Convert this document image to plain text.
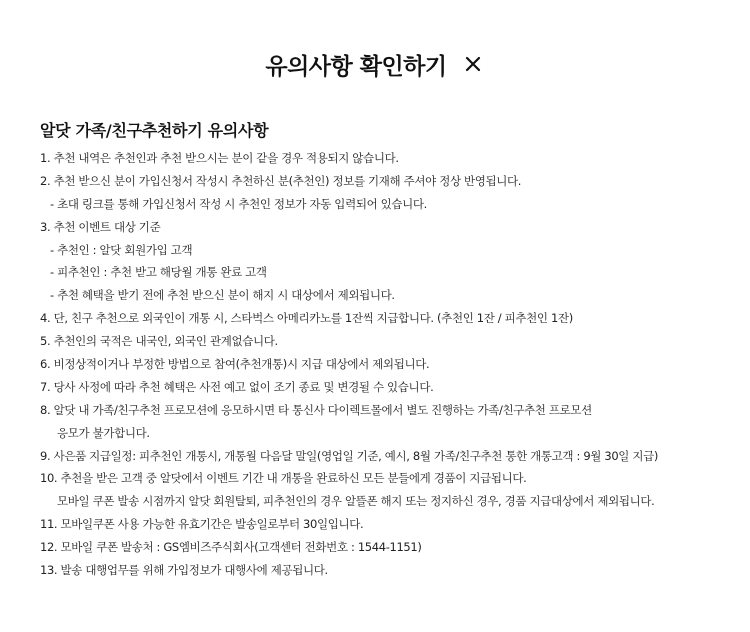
유의사항 확인하기
알닷 가족/친구추천하기 유의사항
1. 추천 내역은 추천인과 추천 받으시는 분이 같을 경우 적용되지 않습니다.
2. 추천 받으신 분이 가입신청서 작성시 추천하신 분(추천인) 정보를 기재해 주셔야 정상 반영됩니다.
- 초대 링크를 통해 가입신청서 작성 시 추천인 정보가 자동 입력되어 있습니다.
3. 추천 이벤트 대상 기준
- 추천인 : 알닷 회원가입 고객
- 피추천인 : 추천 받고 해당월 개통 완료 고객
- 추천 혜택을 받기 전에 추천 받으신 분이 해지 시 대상에서 제외됩니다.
4. 단, 친구 추천으로 외국인이 개통 시, 스타벅스 아메리카노를 1잔씩 지급합니다. (추천인 1잔 / 피추천인 1잔)
5. 추천인의 국적은 내국인, 외국인 관계없습니다.
6. 비정상적이거나 부정한 방법으로 참여(추천개통)시 지급 대상에서 제외됩니다.
7. 당사 사정에 따라 추천 혜택은 사전 예고 없이 조기 종료 및 변경될 수 있습니다.
8. 알닷 내 가족/친구추천 프로모션에 응모하시면 타 통신사 다이렉트몰에서 별도 진행하는 가족/친구추천 프로모션
응모가 불가합니다.
9. 사은품 지급일정: 피추천인 개통시, 개통월 다음달 말일(영업일 기준, 예시, 8월 가족/친구추천 통한 개통고객 : 9월 30일 지급)
10. 추천을 받은 고객 중 알닷에서 이벤트 기간 내 개통을 완료하신 모든 분들에게 경품이 지급됩니다.
모바일 쿠폰 발송 시점까지 알닷 회원탈퇴, 피추천인의 경우 알뜰폰 해지 또는 정지하신 경우, 경품 지급대상에서 제외됩니다.
11. 모바일쿠폰 사용 가능한 유효기간은 발송일로부터 30일입니다.
12. 모바일 쿠폰 발송처 : GS엠비즈주식회사(고객센터 전화번호 : 1544-1151)
13. 발송 대행업무를 위해 가입정보가 대행사에 제공됩니다.
